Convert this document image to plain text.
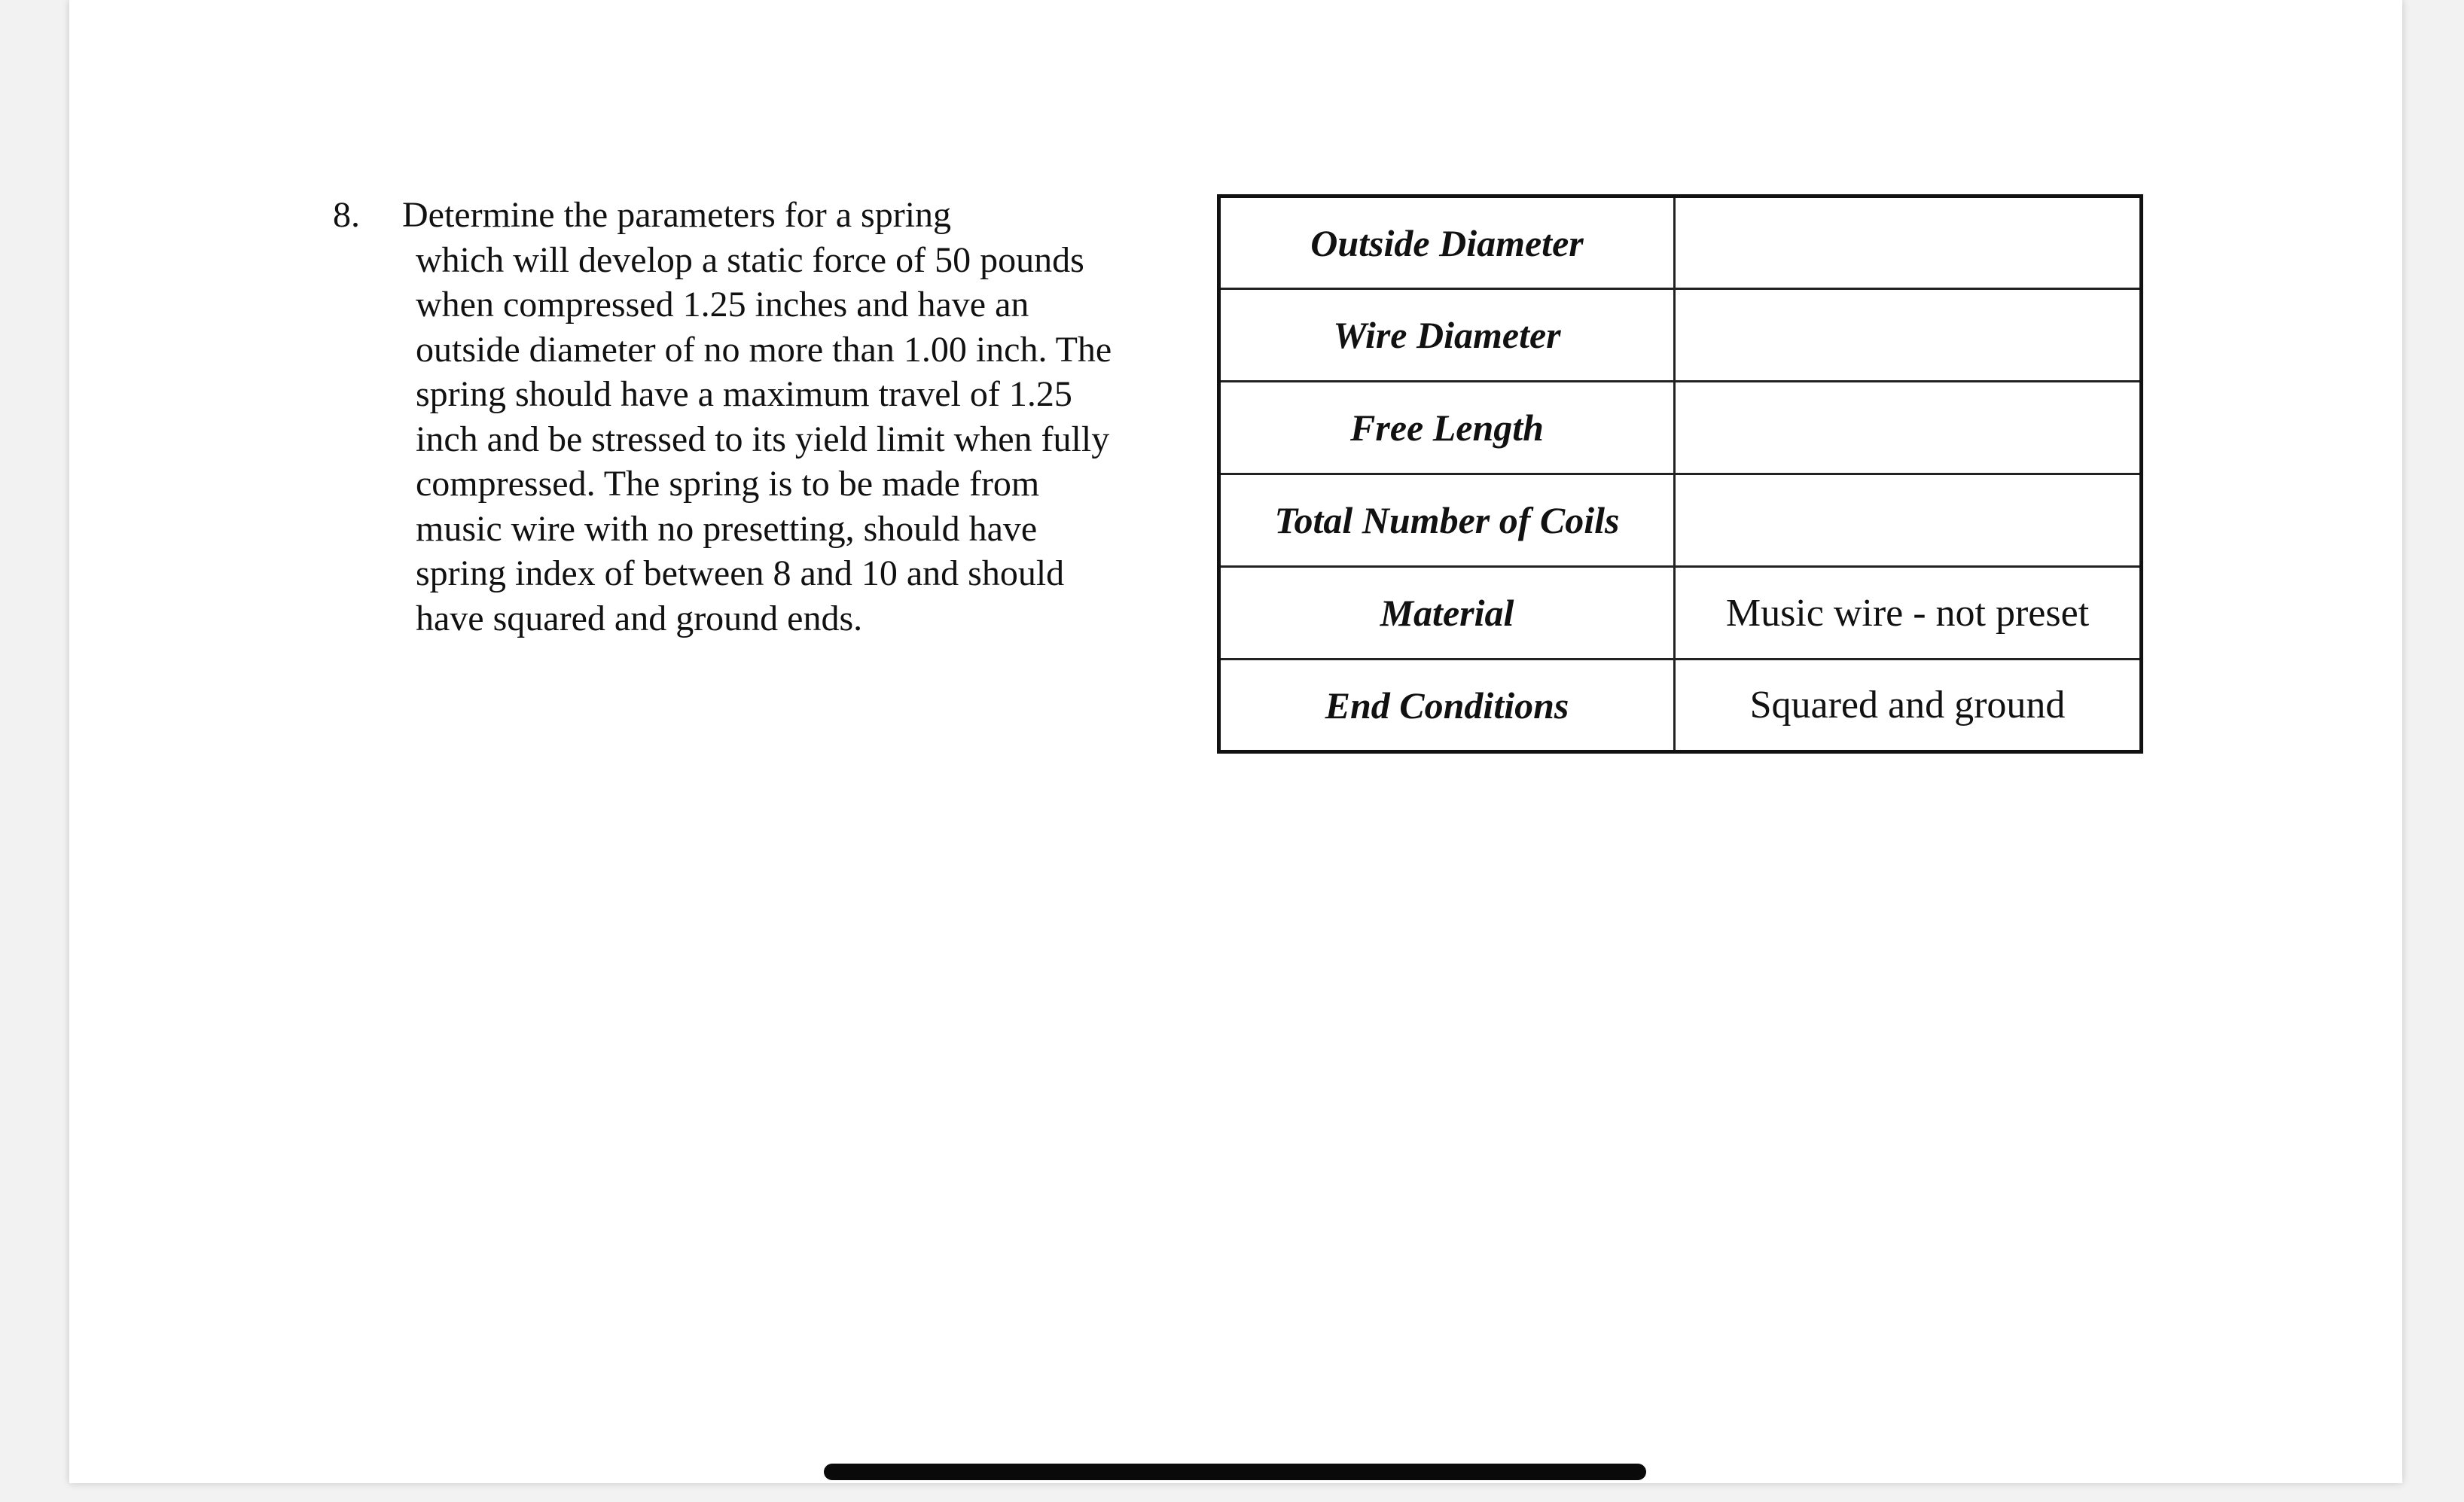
8.	Determine the parameters for a spring
which will develop a static force of 50 pounds
when compressed 1.25 inches and have an
outside diameter of no more than 1.00 inch. The
spring should have a maximum travel of 1.25
inch and be stressed to its yield limit when fully
compressed. The spring is to be made from
music wire with no presetting, should have
spring index of between 8 and 10 and should
have squared and ground ends.
Outside Diameter	
Wire Diameter	
Free Length	
Total Number of Coils	
Material	Music wire - not preset
End Conditions	Squared and ground
